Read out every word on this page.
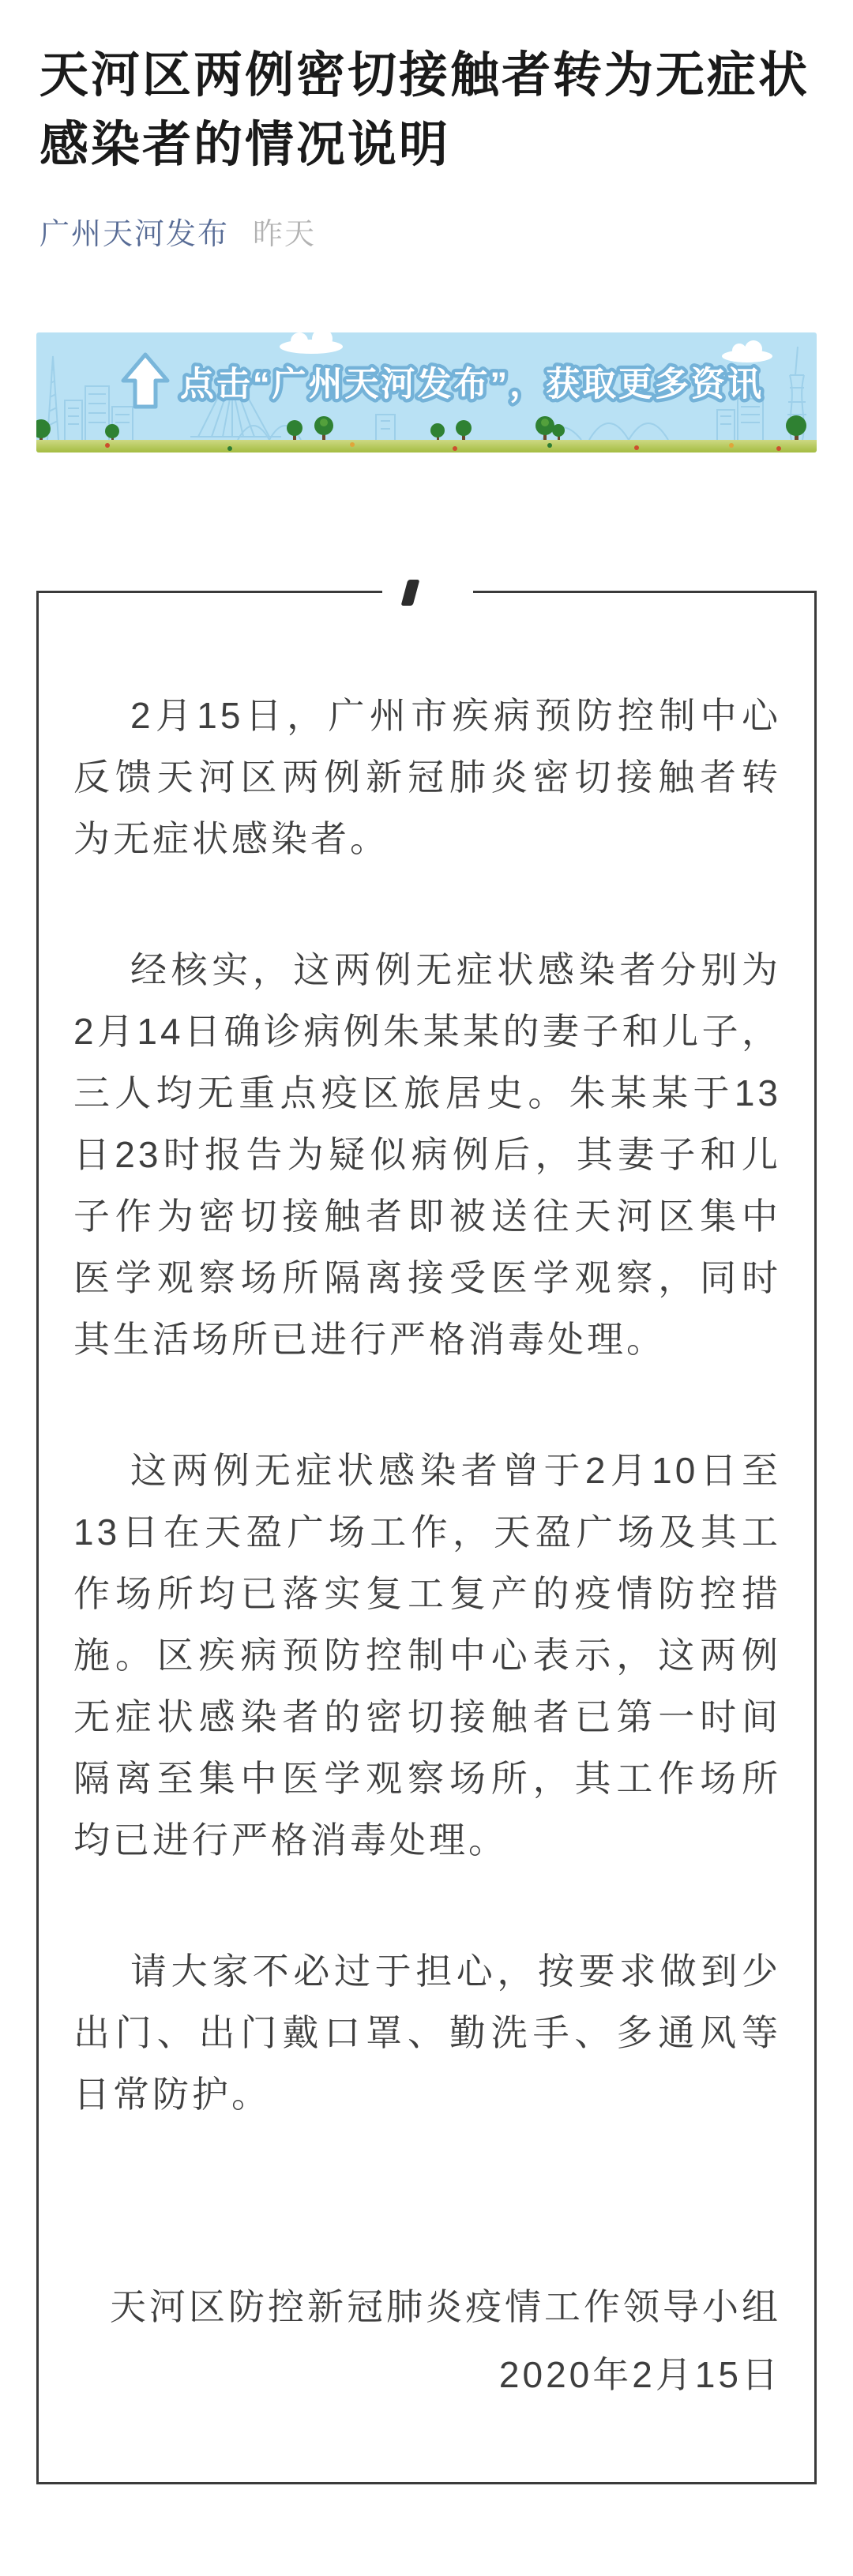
天河区两例密切接触者转为无症状感染者的情况说明
广州天河发布 昨天
点击“广州天河发布”，获取更多资讯

2月15日，广州市疾病预防控制中心反馈天河区两例新冠肺炎密切接触者转为无症状感染者。

经核实，这两例无症状感染者分别为2月14日确诊病例朱某某的妻子和儿子，三人均无重点疫区旅居史。朱某某于13日23时报告为疑似病例后，其妻子和儿子作为密切接触者即被送往天河区集中医学观察场所隔离接受医学观察，同时其生活场所已进行严格消毒处理。

这两例无症状感染者曾于2月10日至13日在天盈广场工作，天盈广场及其工作场所均已落实复工复产的疫情防控措施。区疾病预防控制中心表示，这两例无症状感染者的密切接触者已第一时间隔离至集中医学观察场所，其工作场所均已进行严格消毒处理。

请大家不必过于担心，按要求做到少出门、出门戴口罩、勤洗手、多通风等日常防护。

天河区防控新冠肺炎疫情工作领导小组
2020年2月15日
